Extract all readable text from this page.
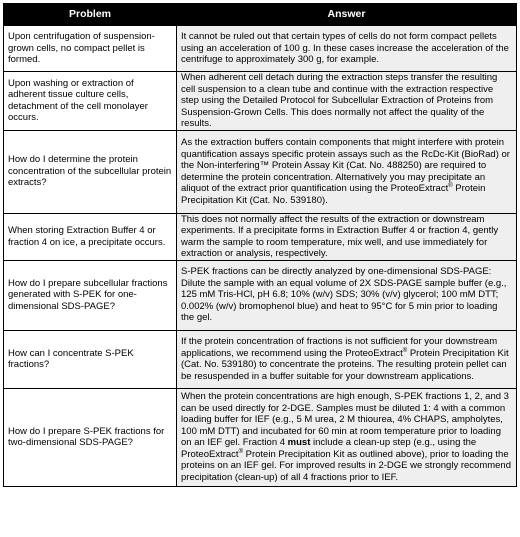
Problem	Answer
Upon centrifugation of suspension-grown cells, no compact pellet is formed.	It cannot be ruled out that certain types of cells do not form compact pellets using an acceleration of 100 g. In these cases increase the acceleration of the centrifuge to approximately 300 g, for example.
Upon washing or extraction of adherent tissue culture cells, detachment of the cell monolayer occurs.	When adherent cell detach during the extraction steps transfer the resulting cell suspension to a clean tube and continue with the extraction respective step using the Detailed Protocol for Subcellular Extraction of Proteins from Suspension-Grown Cells. This does normally not affect the quality of the results.
How do I determine the protein concentration of the subcellular protein extracts?	As the extraction buffers contain components that might interfere with protein quantification assays specific protein assays such as the RcDc-Kit (BioRad) or the Non-interfering™ Protein Assay Kit (Cat. No. 488250) are required to determine the protein concentration. Alternatively you may precipitate an aliquot of the extract prior quantification using the ProteoExtract® Protein Precipitation Kit (Cat. No. 539180).
When storing Extraction Buffer 4 or fraction 4 on ice, a precipitate occurs.	This does not normally affect the results of the extraction or downstream experiments. If a precipitate forms in Extraction Buffer 4 or fraction 4, gently warm the sample to room temperature, mix well, and use immediately for extraction or analysis, respectively.
How do I prepare subcellular fractions generated with S-PEK for one-dimensional SDS-PAGE?	S-PEK fractions can be directly analyzed by one-dimensional SDS-PAGE: Dilute the sample with an equal volume of 2X SDS-PAGE sample buffer (e.g., 125 mM Tris-HCl, pH 6.8; 10% (w/v) SDS; 30% (v/v) glycerol; 100 mM DTT; 0.002% (w/v) bromophenol blue) and heat to 95°C for 5 min prior to loading the gel.
How can I concentrate S-PEK fractions?	If the protein concentration of fractions is not sufficient for your downstream applications, we recommend using the ProteoExtract® Protein Precipitation Kit (Cat. No. 539180) to concentrate the proteins. The resulting protein pellet can be resuspended in a buffer suitable for your downstream applications.
How do I prepare S-PEK fractions for two-dimensional SDS-PAGE?	When the protein concentrations are high enough, S-PEK fractions 1, 2, and 3 can be used directly for 2-DGE. Samples must be diluted 1: 4 with a common loading buffer for IEF (e.g., 5 M urea, 2 M thiourea, 4% CHAPS, ampholytes, 100 mM DTT) and incubated for 60 min at room temperature prior to loading on an IEF gel. Fraction 4 must include a clean-up step (e.g., using the ProteoExtract® Protein Precipitation Kit as outlined above), prior to loading the proteins on an IEF gel. For improved results in 2-DGE we strongly recommend precipitation (clean-up) of all 4 fractions prior to IEF.
